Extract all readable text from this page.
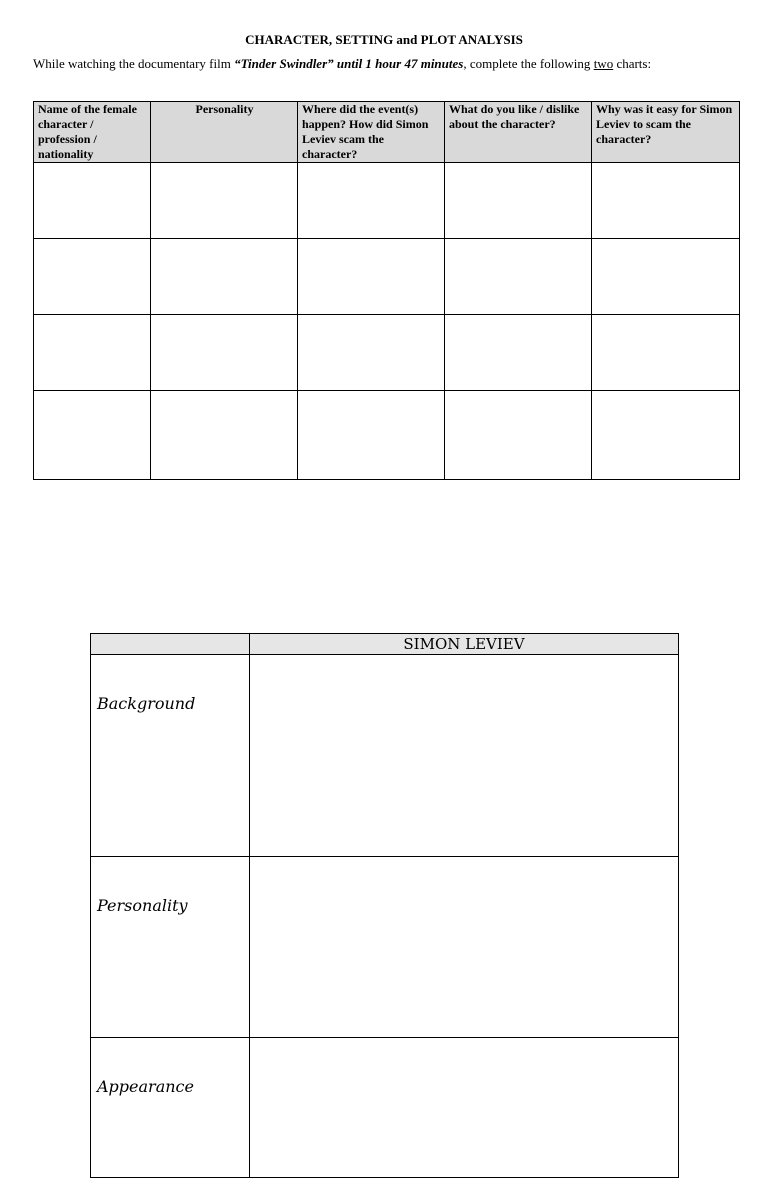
CHARACTER, SETTING and PLOT ANALYSIS
While watching the documentary film “Tinder Swindler” until 1 hour 47 minutes, complete the following two charts:
Name of the female character / profession / nationality	Personality	Where did the event(s) happen? How did Simon Leviev scam the character?	What do you like / dislike about the character?	Why was it easy for Simon Leviev to scam the character?

	SIMON LEVIEV
Background	
Personality	
Appearance	
